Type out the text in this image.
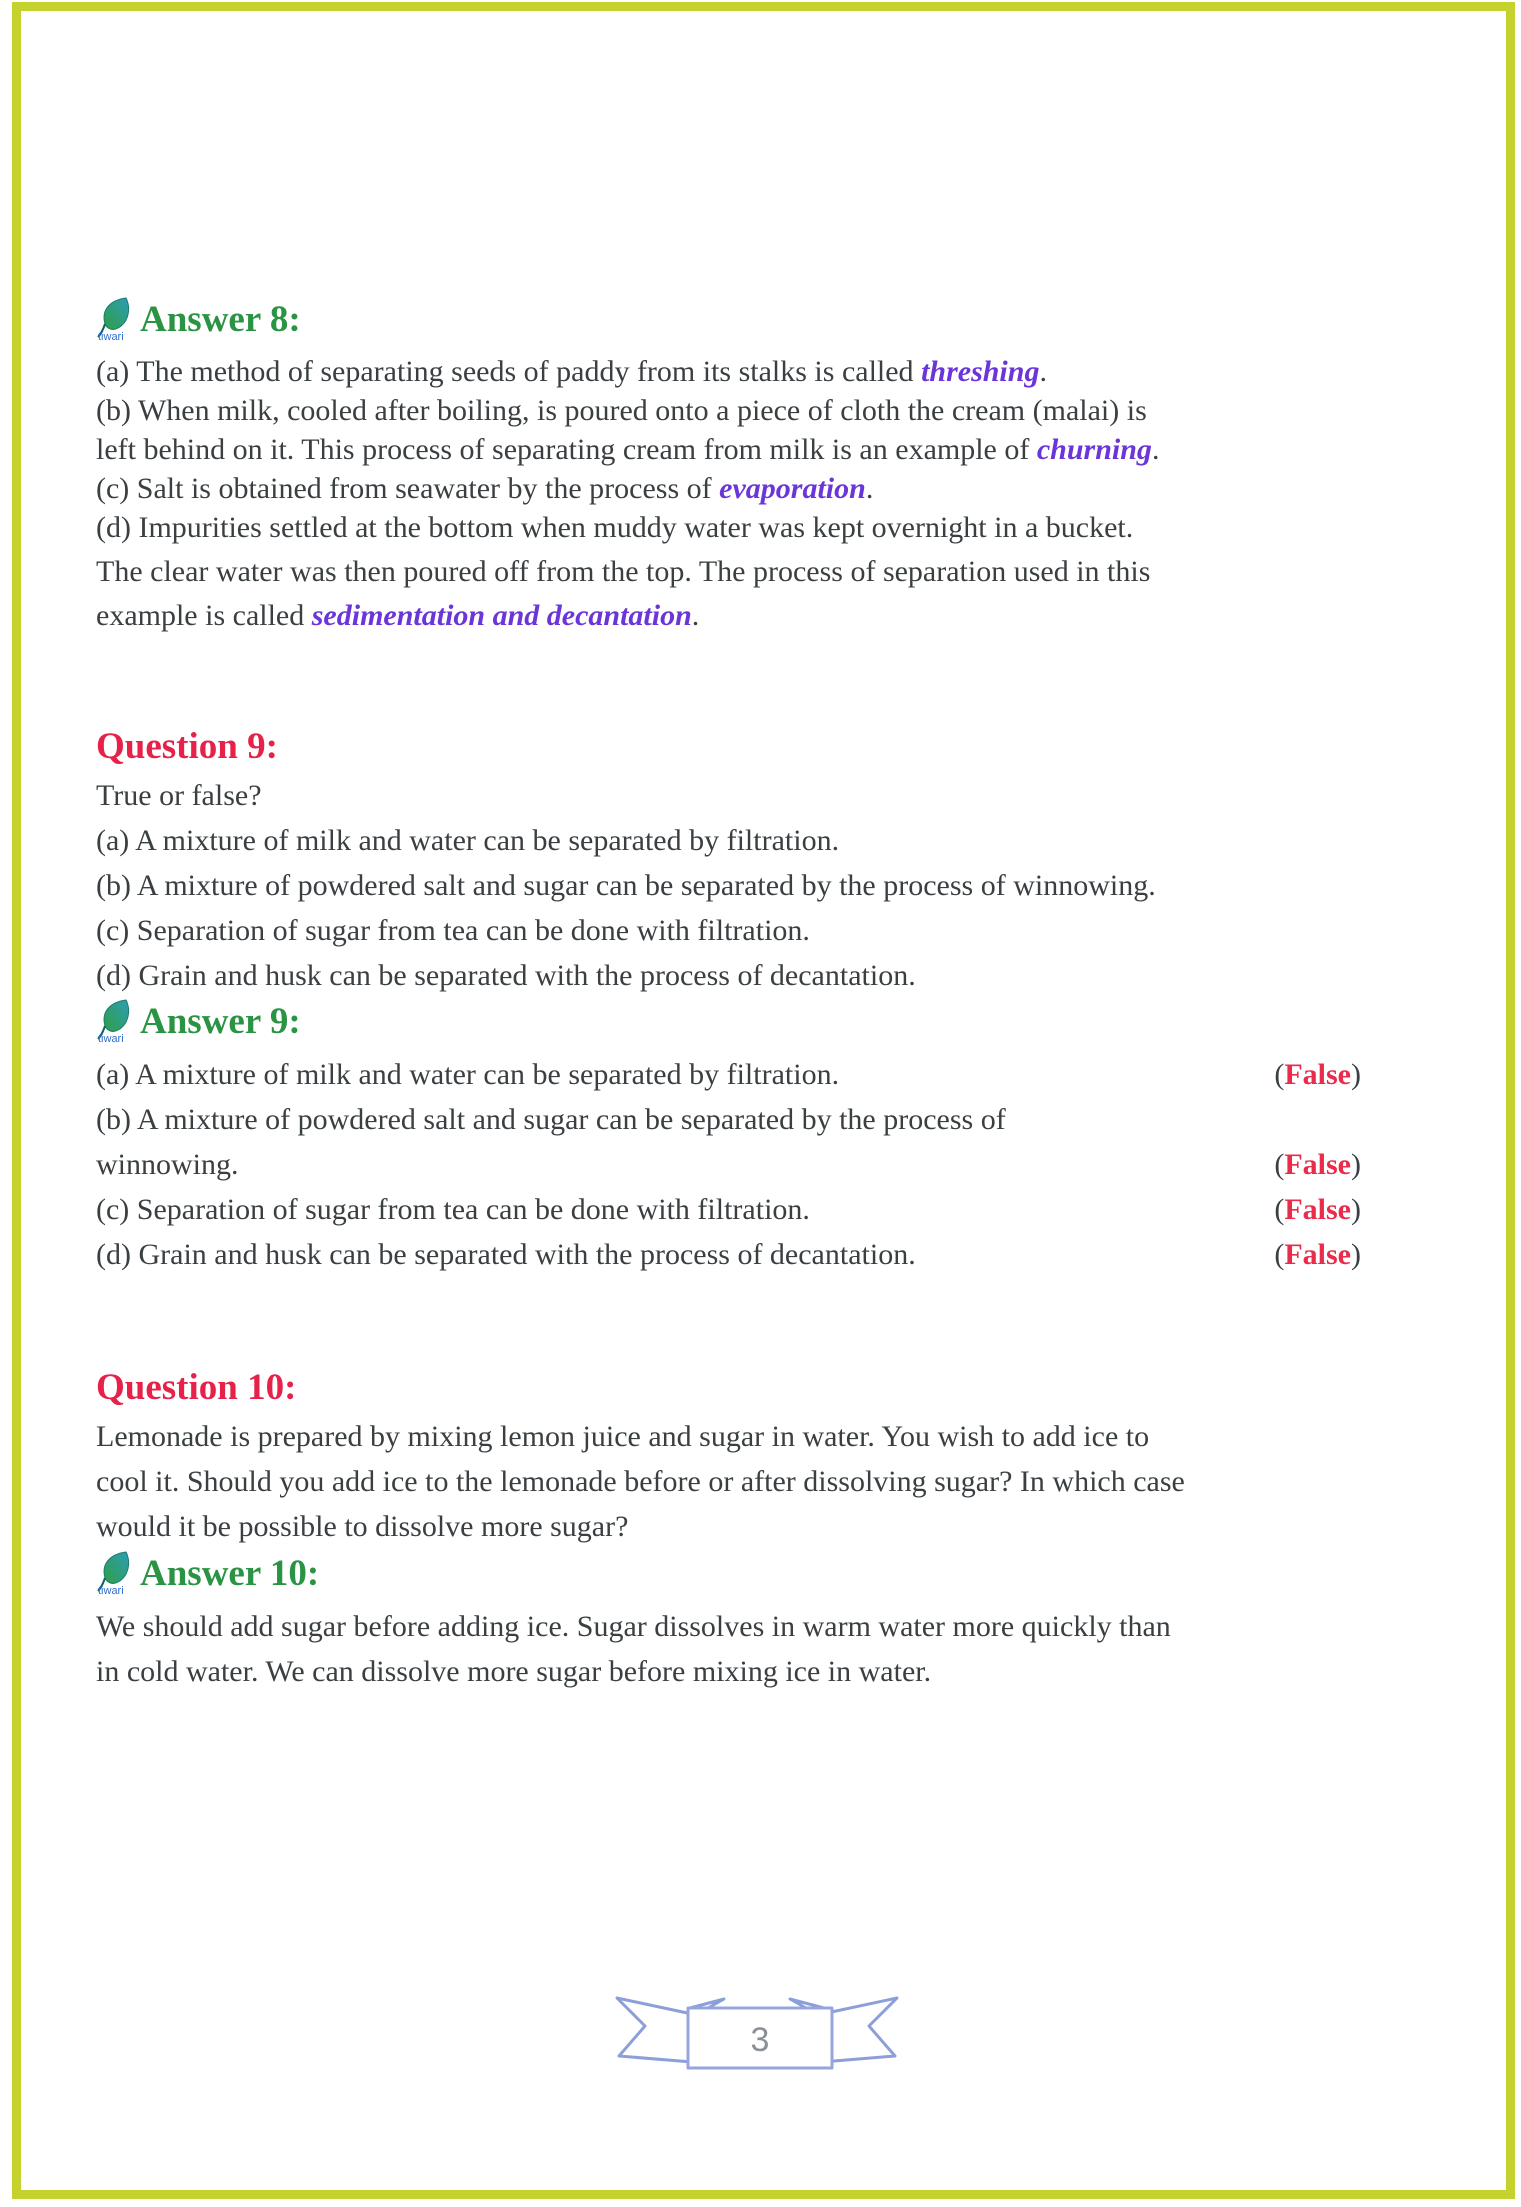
tiwari Answer 8:

(a) The method of separating seeds of paddy from its stalks is called threshing.

(b) When milk, cooled after boiling, is poured onto a piece of cloth the cream (malai) is

left behind on it. This process of separating cream from milk is an example of churning.

(c) Salt is obtained from seawater by the process of evaporation.

(d) Impurities settled at the bottom when muddy water was kept overnight in a bucket.

The clear water was then poured off from the top. The process of separation used in this

example is called sedimentation and decantation.

Question 9:

True or false?

(a) A mixture of milk and water can be separated by filtration.

(b) A mixture of powdered salt and sugar can be separated by the process of winnowing.

(c) Separation of sugar from tea can be done with filtration.

(d) Grain and husk can be separated with the process of decantation.

tiwari Answer 9:
(a) A mixture of milk and water can be separated by filtration.	(False)
(b) A mixture of powdered salt and sugar can be separated by the process of
winnowing.	(False)
(c) Separation of sugar from tea can be done with filtration.	(False)
(d) Grain and husk can be separated with the process of decantation.	(False)
Question 10:

Lemonade is prepared by mixing lemon juice and sugar in water. You wish to add ice to

cool it. Should you add ice to the lemonade before or after dissolving sugar? In which case

would it be possible to dissolve more sugar?

tiwari Answer 10:

We should add sugar before adding ice. Sugar dissolves in warm water more quickly than

in cold water. We can dissolve more sugar before mixing ice in water.

3
